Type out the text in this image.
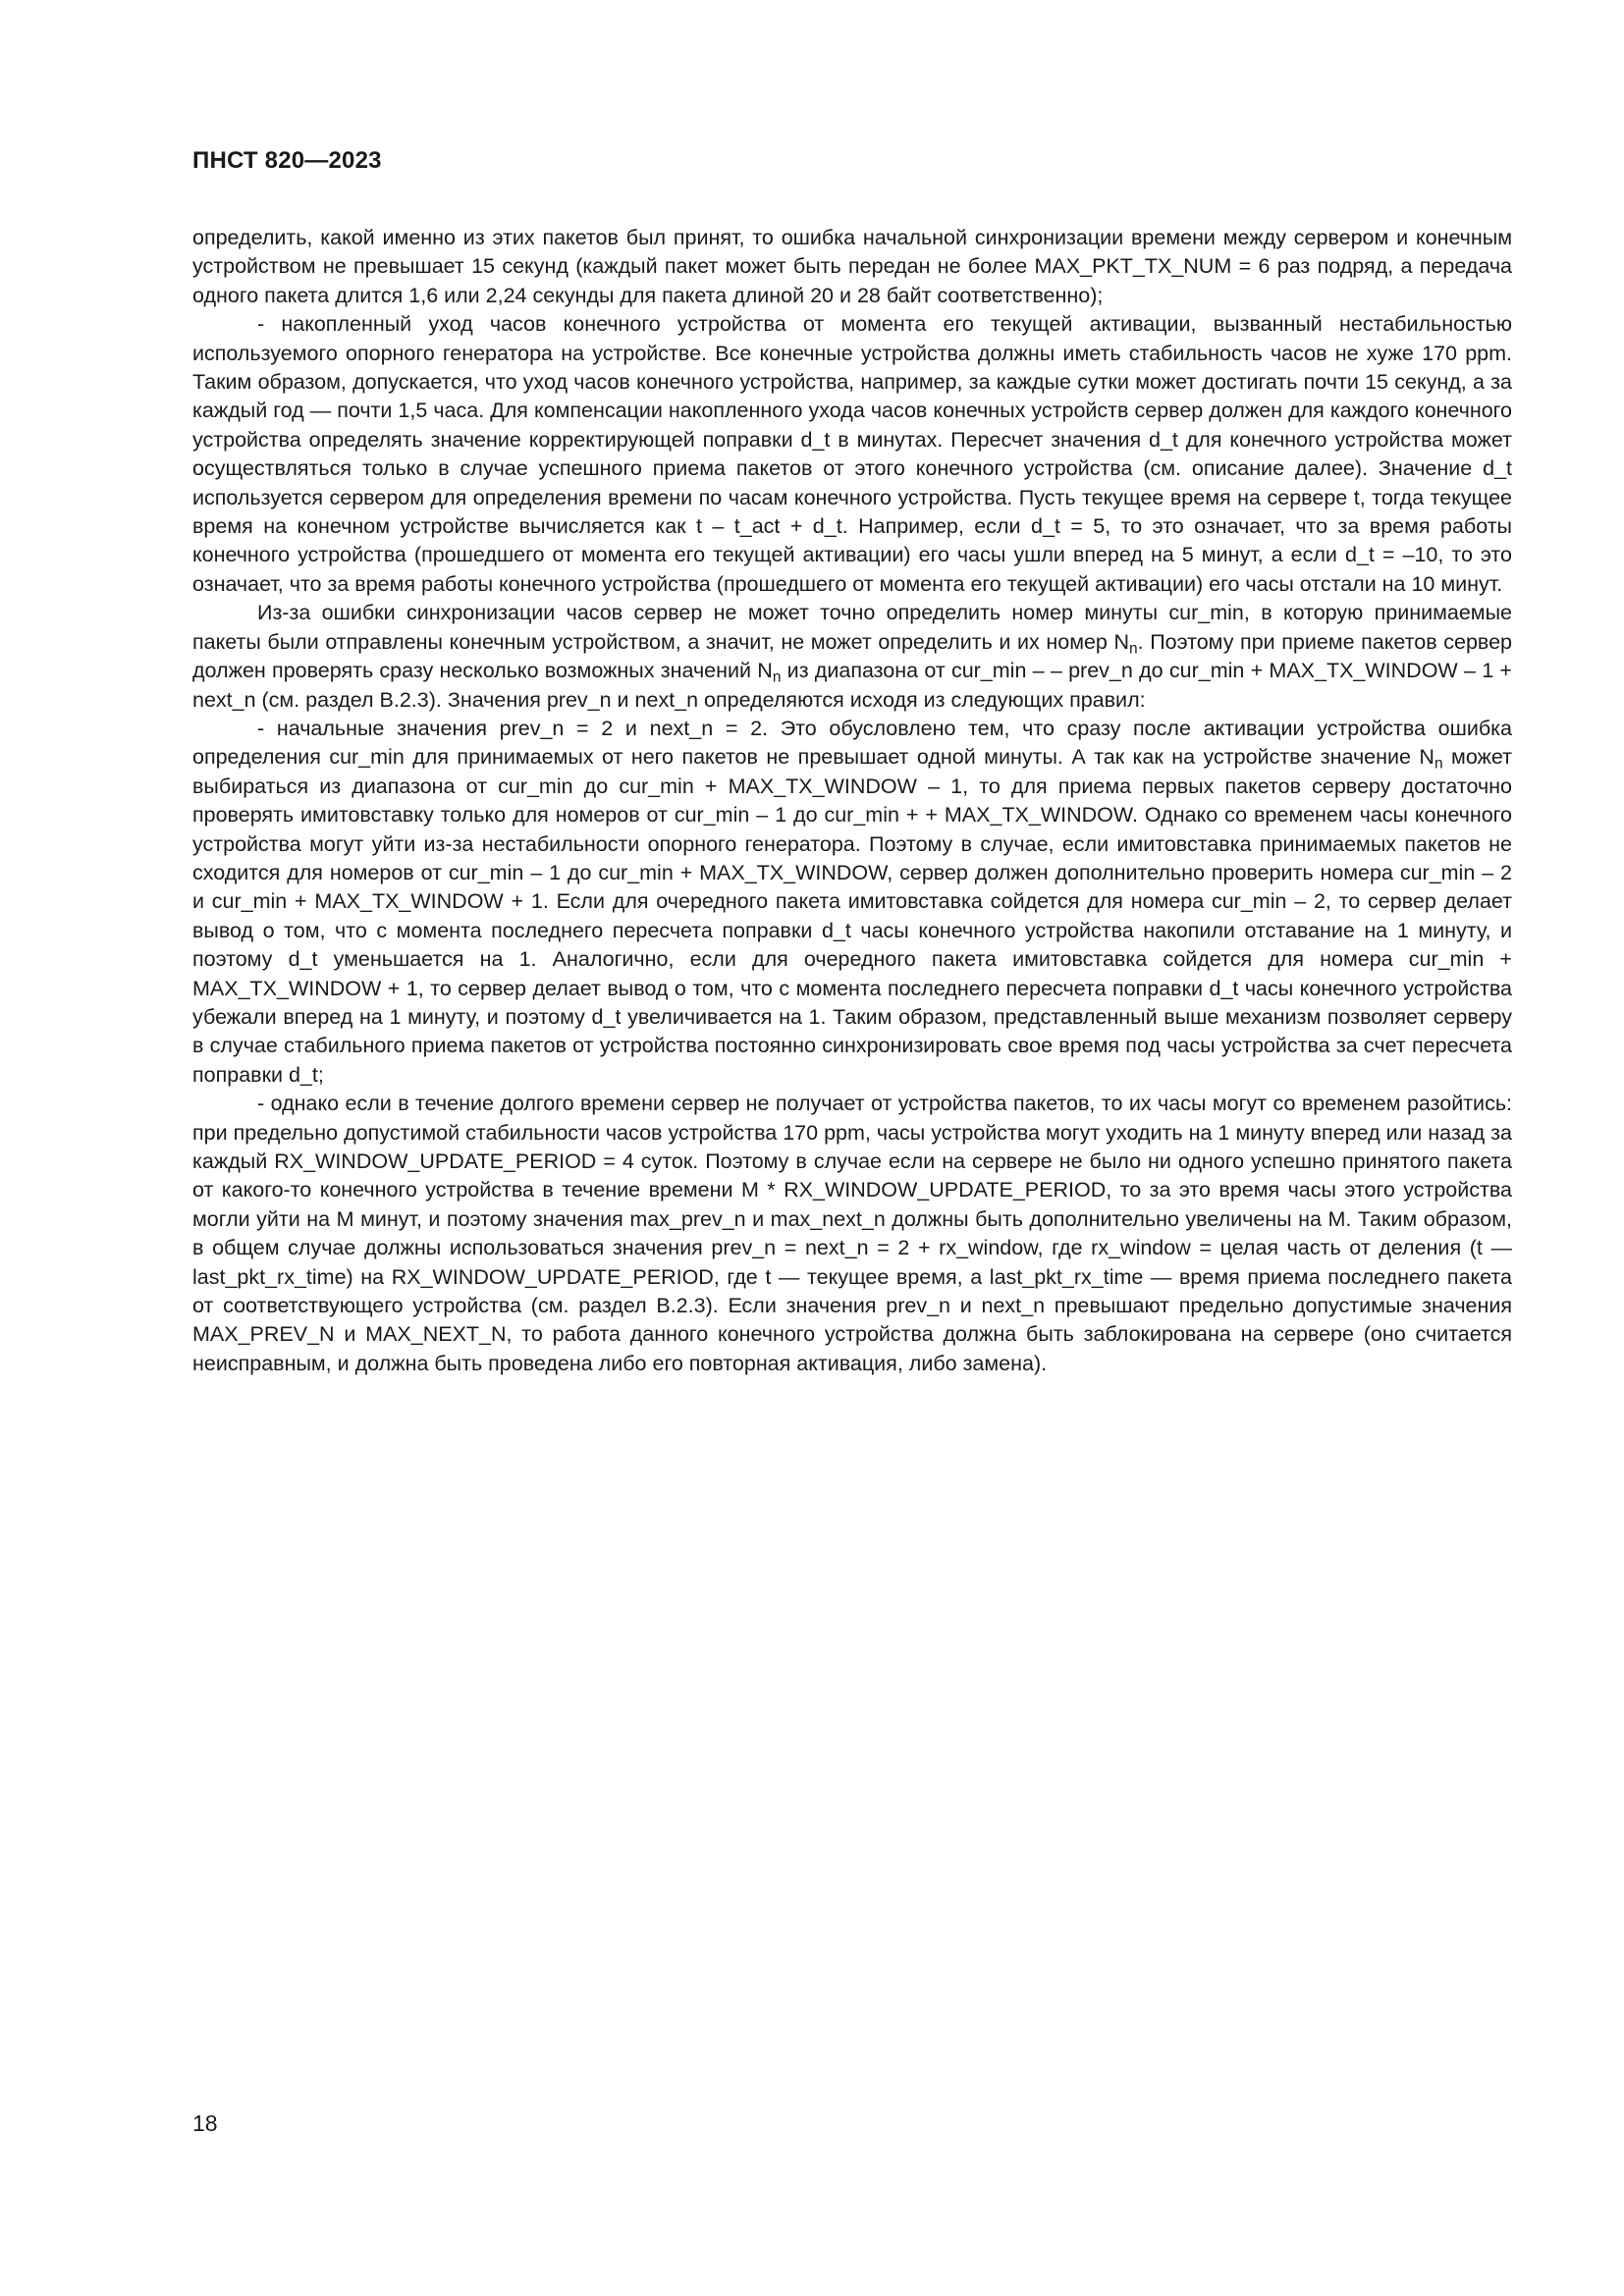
ПНСТ 820—2023

определить, какой именно из этих пакетов был принят, то ошибка начальной синхронизации времени между сервером и конечным устройством не превышает 15 секунд (каждый пакет может быть передан не более MAX_PKT_TX_NUM = 6 раз подряд, а передача одного пакета длится 1,6 или 2,24 секунды для пакета длиной 20 и 28 байт соответственно);

- накопленный уход часов конечного устройства от момента его текущей активации, вызванный нестабильностью используемого опорного генератора на устройстве. Все конечные устройства должны иметь стабильность часов не хуже 170 ppm. Таким образом, допускается, что уход часов конечного устройства, например, за каждые сутки может достигать почти 15 секунд, а за каждый год — почти 1,5 часа. Для компенсации накопленного ухода часов конечных устройств сервер должен для каждого конечного устройства определять значение корректирующей поправки d_t в минутах. Пересчет значения d_t для конечного устройства может осуществляться только в случае успешного приема пакетов от этого конечного устройства (см. описание далее). Значение d_t используется сервером для определения времени по часам конечного устройства. Пусть текущее время на сервере t, тогда текущее время на конечном устройстве вычисляется как t – t_act + d_t. Например, если d_t = 5, то это означает, что за время работы конечного устройства (прошедшего от момента его текущей активации) его часы ушли вперед на 5 минут, а если d_t = –10, то это означает, что за время работы конечного устройства (прошедшего от момента его текущей активации) его часы отстали на 10 минут.

Из-за ошибки синхронизации часов сервер не может точно определить номер минуты cur_min, в которую принимаемые пакеты были отправлены конечным устройством, а значит, не может определить и их номер $N_n$. Поэтому при приеме пакетов сервер должен проверять сразу несколько возможных значений $N_n$ из диапазона от cur_min – – prev_n до cur_min + MAX_TX_WINDOW – 1 + next_n (см. раздел В.2.3). Значения prev_n и next_n определяются исходя из следующих правил:

- начальные значения prev_n = 2 и next_n = 2. Это обусловлено тем, что сразу после активации устройства ошибка определения cur_min для принимаемых от него пакетов не превышает одной минуты. А так как на устройстве значение $N_n$ может выбираться из диапазона от cur_min до cur_min + MAX_TX_WINDOW – 1, то для приема первых пакетов серверу достаточно проверять имитовставку только для номеров от cur_min – 1 до cur_min + + MAX_TX_WINDOW. Однако со временем часы конечного устройства могут уйти из-за нестабильности опорного генератора. Поэтому в случае, если имитовставка принимаемых пакетов не сходится для номеров от cur_min – 1 до cur_min + MAX_TX_WINDOW, сервер должен дополнительно проверить номера cur_min – 2 и cur_min + MAX_TX_WINDOW + 1. Если для очередного пакета имитовставка сойдется для номера cur_min – 2, то сервер делает вывод о том, что с момента последнего пересчета поправки d_t часы конечного устройства накопили отставание на 1 минуту, и поэтому d_t уменьшается на 1. Аналогично, если для очередного пакета имитовставка сойдется для номера cur_min + MAX_TX_WINDOW + 1, то сервер делает вывод о том, что с момента последнего пересчета поправки d_t часы конечного устройства убежали вперед на 1 минуту, и поэтому d_t увеличивается на 1. Таким образом, представленный выше механизм позволяет серверу в случае стабильного приема пакетов от устройства постоянно синхронизировать свое время под часы устройства за счет пересчета поправки d_t;

- однако если в течение долгого времени сервер не получает от устройства пакетов, то их часы могут со временем разойтись: при предельно допустимой стабильности часов устройства 170 ppm, часы устройства могут уходить на 1 минуту вперед или назад за каждый RX_WINDOW_UPDATE_PERIOD = 4 суток. Поэтому в случае если на сервере не было ни одного успешно принятого пакета от какого-то конечного устройства в течение времени M * RX_WINDOW_UPDATE_PERIOD, то за это время часы этого устройства могли уйти на M минут, и поэтому значения max_prev_n и max_next_n должны быть дополнительно увеличены на M. Таким образом, в общем случае должны использоваться значения prev_n = next_n = 2 + rx_window, где rx_window = целая часть от деления (t — last_pkt_rx_time) на RX_WINDOW_UPDATE_PERIOD, где t — текущее время, a last_pkt_rx_time — время приема последнего пакета от соответствующего устройства (см. раздел В.2.3). Если значения prev_n и next_n превышают предельно допустимые значения MAX_PREV_N и MAX_NEXT_N, то работа данного конечного устройства должна быть заблокирована на сервере (оно считается неисправным, и должна быть проведена либо его повторная активация, либо замена).

18
